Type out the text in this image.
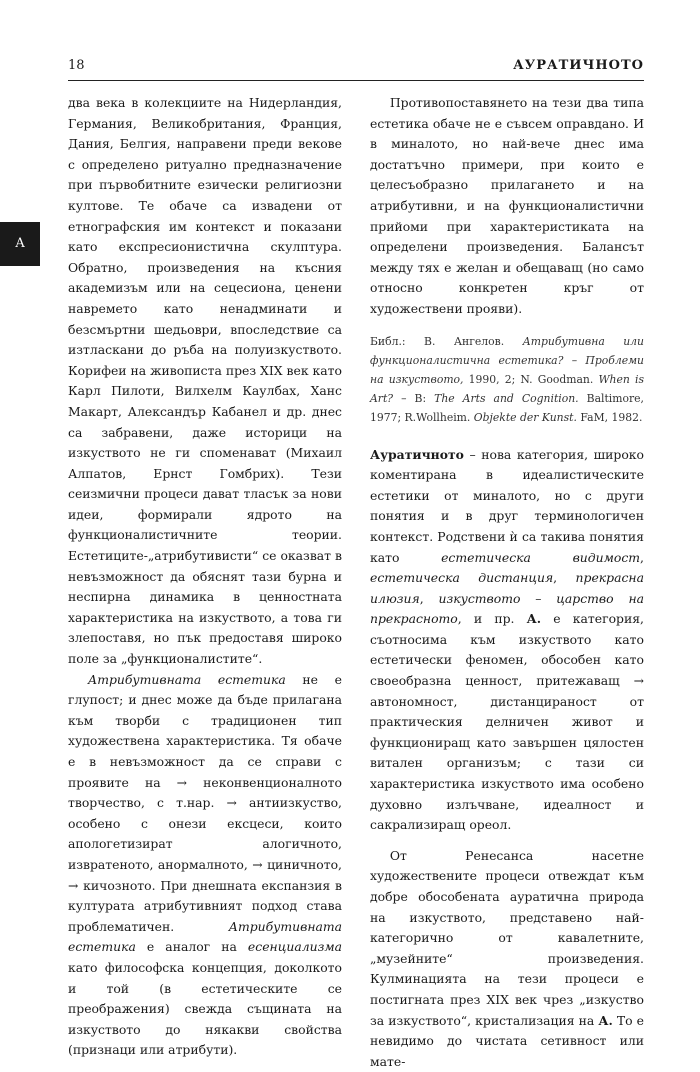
18	АУРАТИЧНОТО
А

два века в колекциите на Нидерландия, Германия, Великобритания, Франция, Дания, Белгия, направени преди векове с определено ритуално предназначение при първобитните езически религиозни култове. Те обаче са извадени от етнографския им контекст и показани като експресионистична скулптура. Обратно, произведения на късния академизъм или на сецесиона, ценени навремето като ненадминати и безсмъртни шедьоври, впоследствие са изтласкани до ръба на полуизкуството. Корифеи на живописта през XIX век като Карл Пилоти, Вилхелм Каулбах, Ханс Макарт, Александър Кабанел и др. днес са забравени, даже историци на изкуството не ги споменават (Михаил Алпатов, Ернст Гомбрих). Тези сеизмични процеси дават тласък за нови идеи, формирали ядрото на функционалистичните теории. Естетиците-„атрибутивисти“ се оказват в невъзможност да обяснят тази бурна и неспирна динамика в ценностната характеристика на изкуството, а това ги злепоставя, но пък предоставя широко поле за „функционалистите“.

Атрибутивната естетика не е глупост; и днес може да бъде прилагана към творби с традиционен тип художествена характеристика. Тя обаче е в невъзможност да се справи с проявите на → неконвенционалното творчество, с т.нар. → антиизкуство, особено с онези ексцеси, които апологетизират алогичното, извратеното, анормалното, → циничното, → кичозното. При днешната експанзия в културата атрибутивният подход става проблематичен. Атрибутивната естетика е аналог на есенциализма като философска концепция, доколкото и той (в естетическите се преображения) свежда същината на изкуството до някакви свойства (признаци или атрибути).

Противопоставянето на тези два типа естетика обаче не е съвсем оправдано. И в миналото, но най-вече днес има достатъчно примери, при които е целесъобразно прилагането и на атрибутивни, и на функционалистични прийоми при характеристиката на определени произведения. Балансът между тях е желан и обещаващ (но само относно конкретен кръг от художествени прояви).

Библ.: В. Ангелов. Атрибутивна или функционалистична естетика? – Проблеми на изкуството, 1990, 2; N. Goodman. When is Art? – В: The Arts and Cognition. Baltimore, 1977; R.Wollheim. Objekte der Kunst. FaM, 1982.

Ауратичното – нова категория, широко коментирана в идеалистическите естетики от миналото, но с други понятия и в друг терминологичен контекст. Родствени ѝ са такива понятия като естетическа видимост, естетическа дистанция, прекрасна илюзия, изкуството – царство на прекрасното, и пр. А. е категория, съотносима към изкуството като естетически феномен, обособен като своеобразна ценност, притежаващ → автономност, дистанцираност от практическия делничен живот и функциониращ като завършен цялостен витален организъм; с тази си характеристика изкуството има особено духовно излъчване, идеалност и сакрализиращ ореол.

От Ренесанса насетне художествените процеси отвеждат към добре обособената ауратична природа на изкуството, представено най-категорично от кавалетните, „музейните“ произведения. Кулминацията на тези процеси е постигната през XIX век чрез „изкуство за изкуството“, кристализация на А. То е невидимо до чистата сетивност или мате-
